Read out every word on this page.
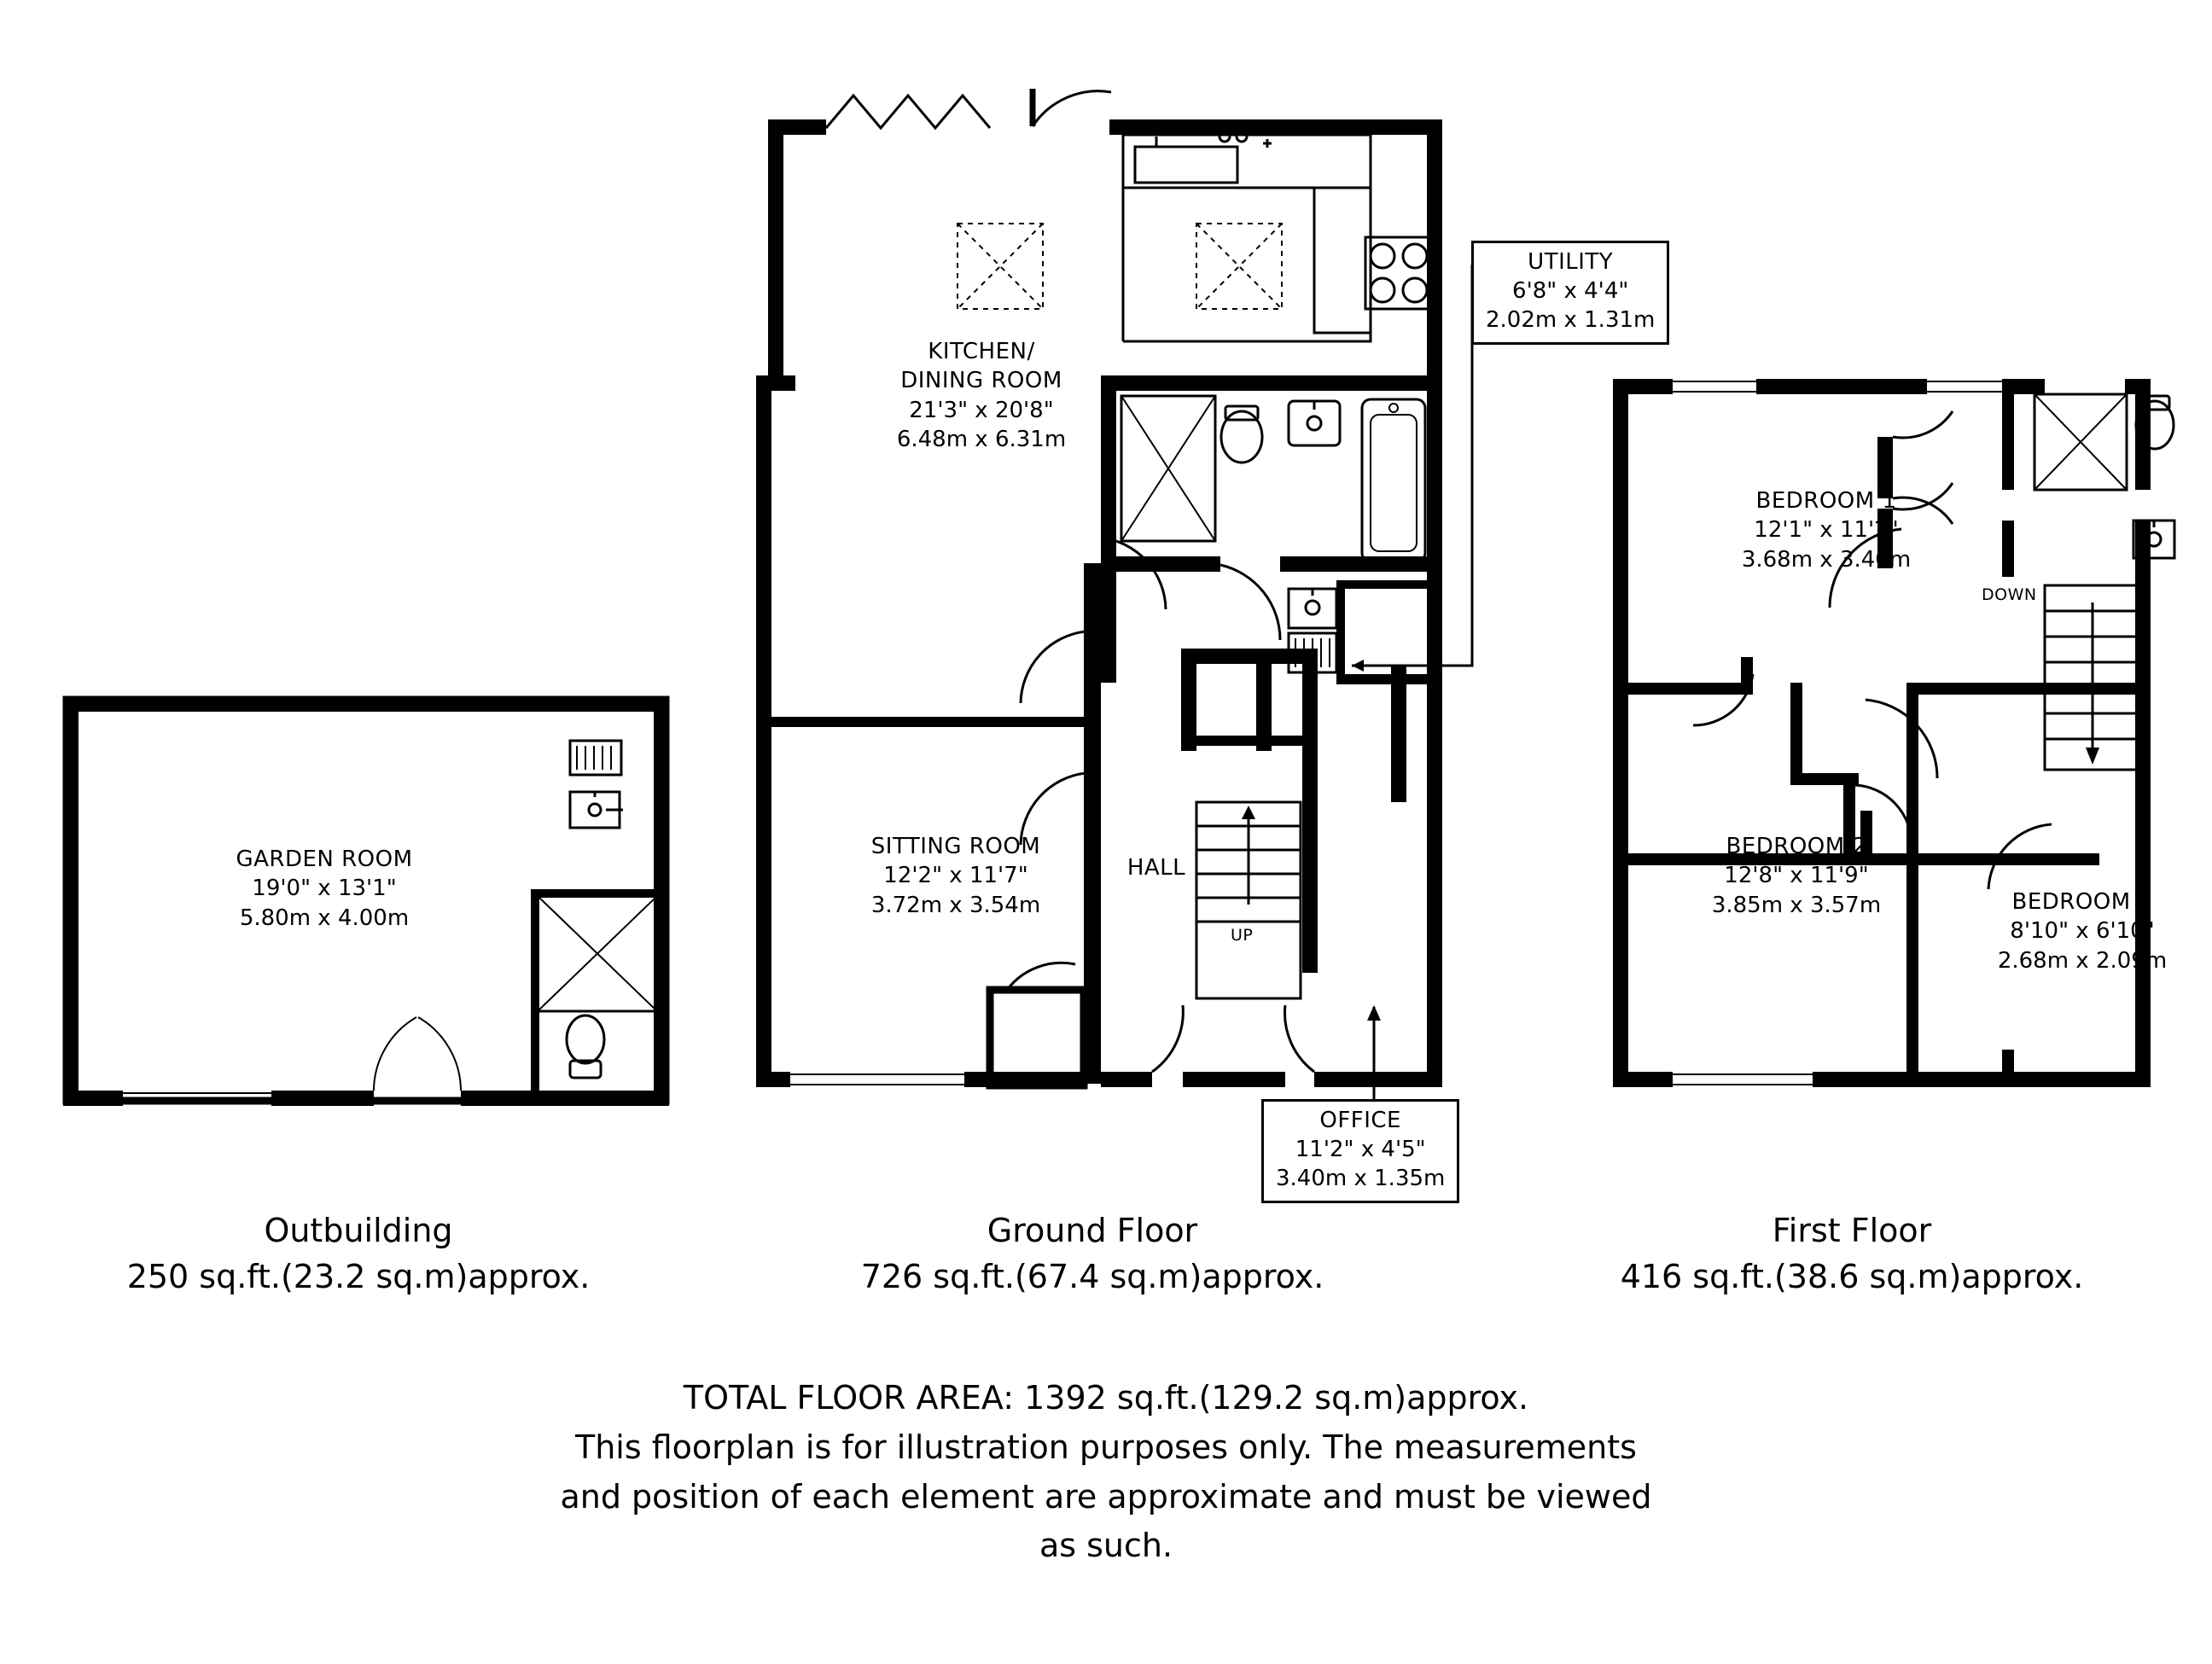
GARDEN ROOM
19'0" x 13'1"
5.80m x 4.00m
KITCHEN/
DINING ROOM
21'3" x 20'8"
6.48m x 6.31m
SITTING ROOM
12'2" x 11'7"
3.72m x 3.54m
HALL
UP
UTILITY
6'8" x 4'4"
2.02m x 1.31m
OFFICE
11'2" x 4'5"
3.40m x 1.35m
BEDROOM 1
12'1" x 11'2"
3.68m x 3.40m
DOWN
BEDROOM 2
12'8" x 11'9"
3.85m x 3.57m	BEDROOM 3
8'10" x 6'10"
2.68m x 2.09m
Outbuilding
250 sq.ft.(23.2 sq.m)approx.
Ground Floor
726 sq.ft.(67.4 sq.m)approx.
First Floor
416 sq.ft.(38.6 sq.m)approx.
TOTAL FLOOR AREA: 1392 sq.ft.(129.2 sq.m)approx.
This floorplan is for illustration purposes only. The measurements
and position of each element are approximate and must be viewed
as such.
